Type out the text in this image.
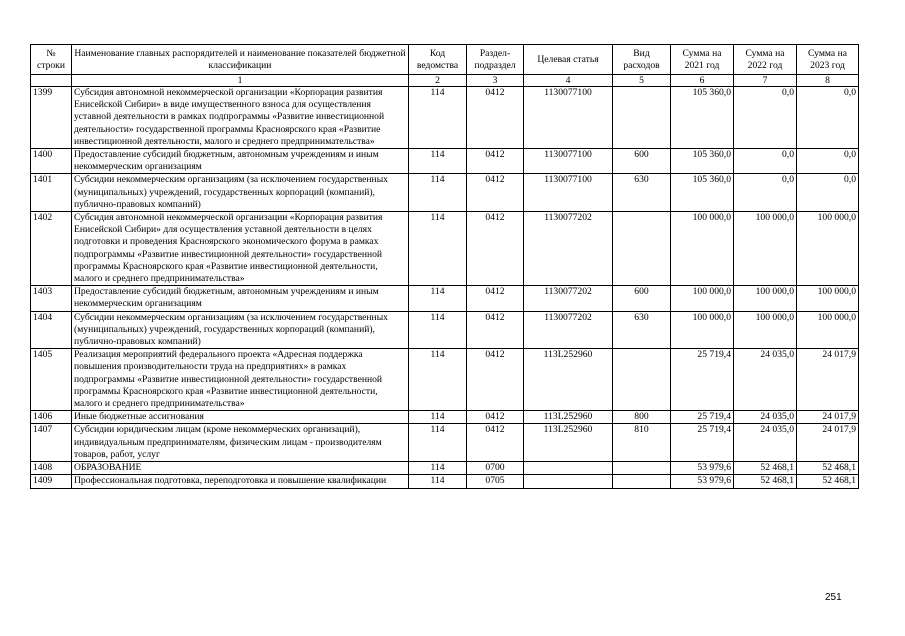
№ строки	Наименование главных распорядителей и наименование показателей бюджетной классификации	Код ведомства	Раздел-подраздел	Целевая статья	Вид расходов	Сумма на 2021 год	Сумма на 2022 год	Сумма на 2023 год
	1	2	3	4	5	6	7	8
1399	Субсидия автономной некоммерческой организации «Корпорация развития Енисейской Сибири» в виде имущественного взноса для осуществления уставной деятельности в рамках подпрограммы «Развитие инвестиционной деятельности» государственной программы Красноярского края «Развитие инвестиционной деятельности, малого и среднего предпринимательства»	114	0412	1130077100		105 360,0	0,0	0,0
1400	Предоставление субсидий бюджетным, автономным учреждениям и иным некоммерческим организациям	114	0412	1130077100	600	105 360,0	0,0	0,0
1401	Субсидии некоммерческим организациям (за исключением государственных (муниципальных) учреждений, государственных корпораций (компаний), публично-правовых компаний)	114	0412	1130077100	630	105 360,0	0,0	0,0
1402	Субсидия автономной некоммерческой организации «Корпорация развития Енисейской Сибири» для осуществления уставной деятельности в целях подготовки и проведения Красноярского экономического форума в рамках подпрограммы «Развитие инвестиционной деятельности» государственной программы Красноярского края «Развитие инвестиционной деятельности, малого и среднего предпринимательства»	114	0412	1130077202		100 000,0	100 000,0	100 000,0
1403	Предоставление субсидий бюджетным, автономным учреждениям и иным некоммерческим организациям	114	0412	1130077202	600	100 000,0	100 000,0	100 000,0
1404	Субсидии некоммерческим организациям (за исключением государственных (муниципальных) учреждений, государственных корпораций (компаний), публично-правовых компаний)	114	0412	1130077202	630	100 000,0	100 000,0	100 000,0
1405	Реализация мероприятий федерального проекта «Адресная поддержка повышения производительности труда на предприятиях» в рамках подпрограммы «Развитие инвестиционной деятельности» государственной программы Красноярского края «Развитие инвестиционной деятельности, малого и среднего предпринимательства»	114	0412	113L252960		25 719,4	24 035,0	24 017,9
1406	Иные бюджетные ассигнования	114	0412	113L252960	800	25 719,4	24 035,0	24 017,9
1407	Субсидии юридическим лицам (кроме некоммерческих организаций), индивидуальным предпринимателям, физическим лицам - производителям товаров, работ, услуг	114	0412	113L252960	810	25 719,4	24 035,0	24 017,9
1408	ОБРАЗОВАНИЕ	114	0700			53 979,6	52 468,1	52 468,1
1409	Профессиональная подготовка, переподготовка и повышение квалификации	114	0705			53 979,6	52 468,1	52 468,1
251
